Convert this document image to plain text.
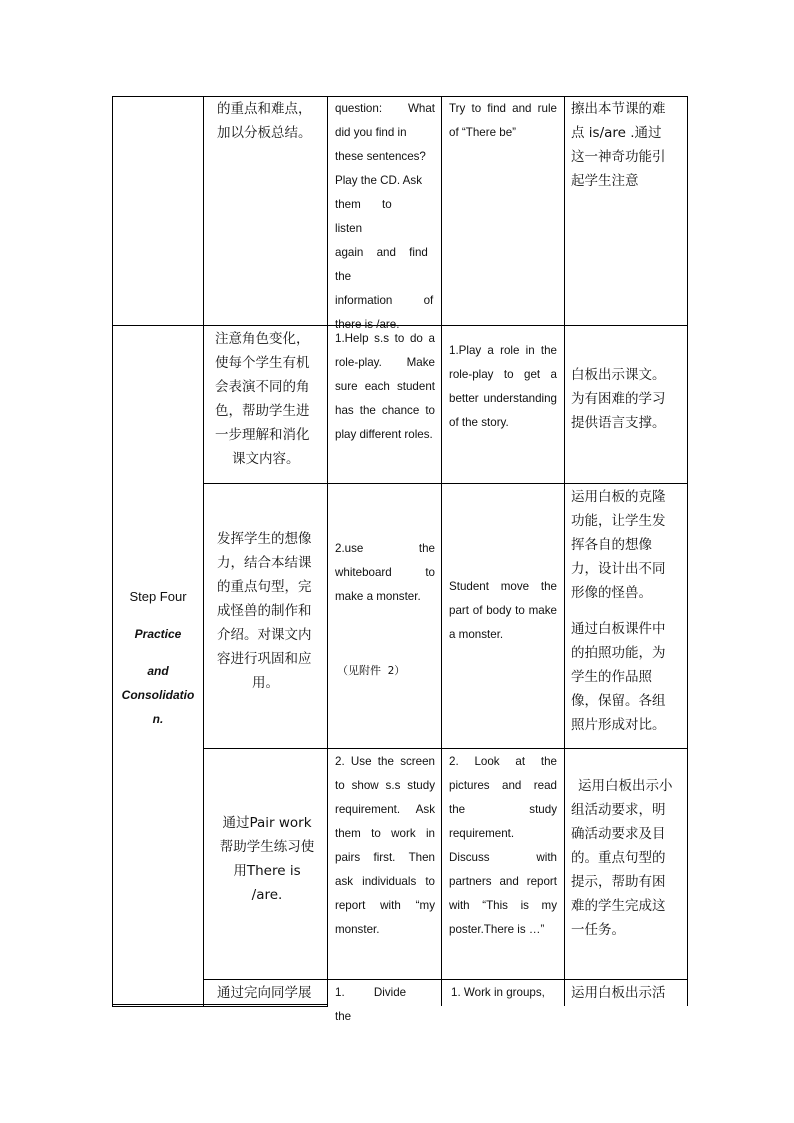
的重点和难点，
加以分板总结。
question: What
did you find in
these sentences?
Play the CD. Ask
them to listen
again and find
the
information of
there is /are.
Try to find and rule of “There be”
擦出本节课的难
点 is/are .通过
这一神奇功能引
起学生注意
Step Four
Practice
and
Consolidatio
n.
注意角色变化，
使每个学生有机
会表演不同的角
色，帮助学生进
一步理解和消化
课文内容。
1.Help s.s to do a role-play. Make sure each student has the chance to play different roles.
1.Play a role in the role-play to get a better understanding of the story.
白板出示课文。
为有困难的学习
提供语言支撑。
发挥学生的想像
力，结合本结课
的重点句型，完
成怪兽的制作和
介绍。对课文内
容进行巩固和应
用。
2.use the whiteboard to make a monster.
（见附件 2）
Student move the part of body to make a monster.
运用白板的克隆
功能，让学生发
挥各自的想像
力，设计出不同
形像的怪兽。
通过白板课件中
的拍照功能，为
学生的作品照
像，保留。各组
照片形成对比。
通过Pair work
帮助学生练习使
用There is
/are.
2. Use the screen to show s.s study requirement. Ask them to work in pairs first. Then ask individuals to report with “my monster.
2. Look at the pictures and read the study requirement. Discuss with partners and report with “This is my poster.There is …”
运用白板出示小
组活动要求，明
确活动要求及目
的。重点句型的
提示，帮助有困
难的学生完成这
一任务。
通过完向同学展	1. Divide the
1. Work in groups,	运用白板出示活
